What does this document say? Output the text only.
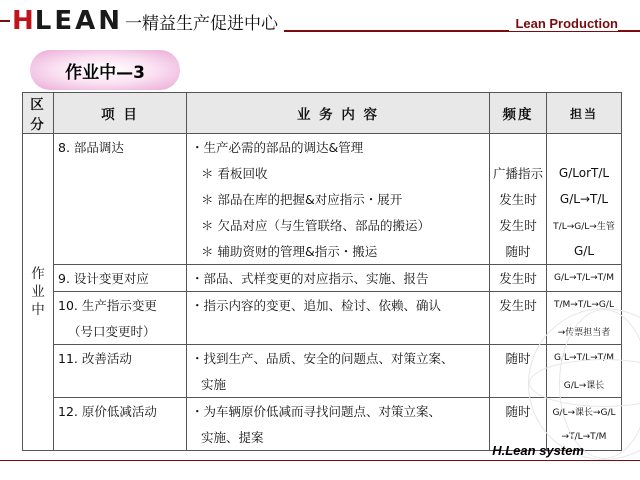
H LEAN 一精益生产促进中心	Lean Production
作业中—3
区分	项 目	业 务 内 容	频度	担当
作业中	8. 部品调达	・生产必需的部品的调达&管理		
		＊ 看板回收	广播指示	G/LorT/L
		＊ 部品在库的把握&对应指示・展开	发生时	G/L→T/L
		＊ 欠品对应（与生管联络、部品的搬运）	发生时	T/L→G/L→生管
		＊ 辅助资财的管理&指示・搬运	随时	G/L
	9. 设计变更对应	・部品、式样变更的对应指示、实施、报告	发生时	G/L→T/L→T/M
	10. 生产指示变更	・指示内容的变更、追加、检讨、依赖、确认	发生时	T/M→T/L→G/L
	（号口变更时）			→传票担当者
	11. 改善活动	・找到生产、品质、安全的问题点、对策立案、	随时	G/L→T/L→T/M
		实施		G/L→课长
	12. 原价低减活动	・为车辆原价低减而寻找问题点、对策立案、	随时	G/L→课长→G/L
		实施、提案		→T/L→T/M
H.Lean system
